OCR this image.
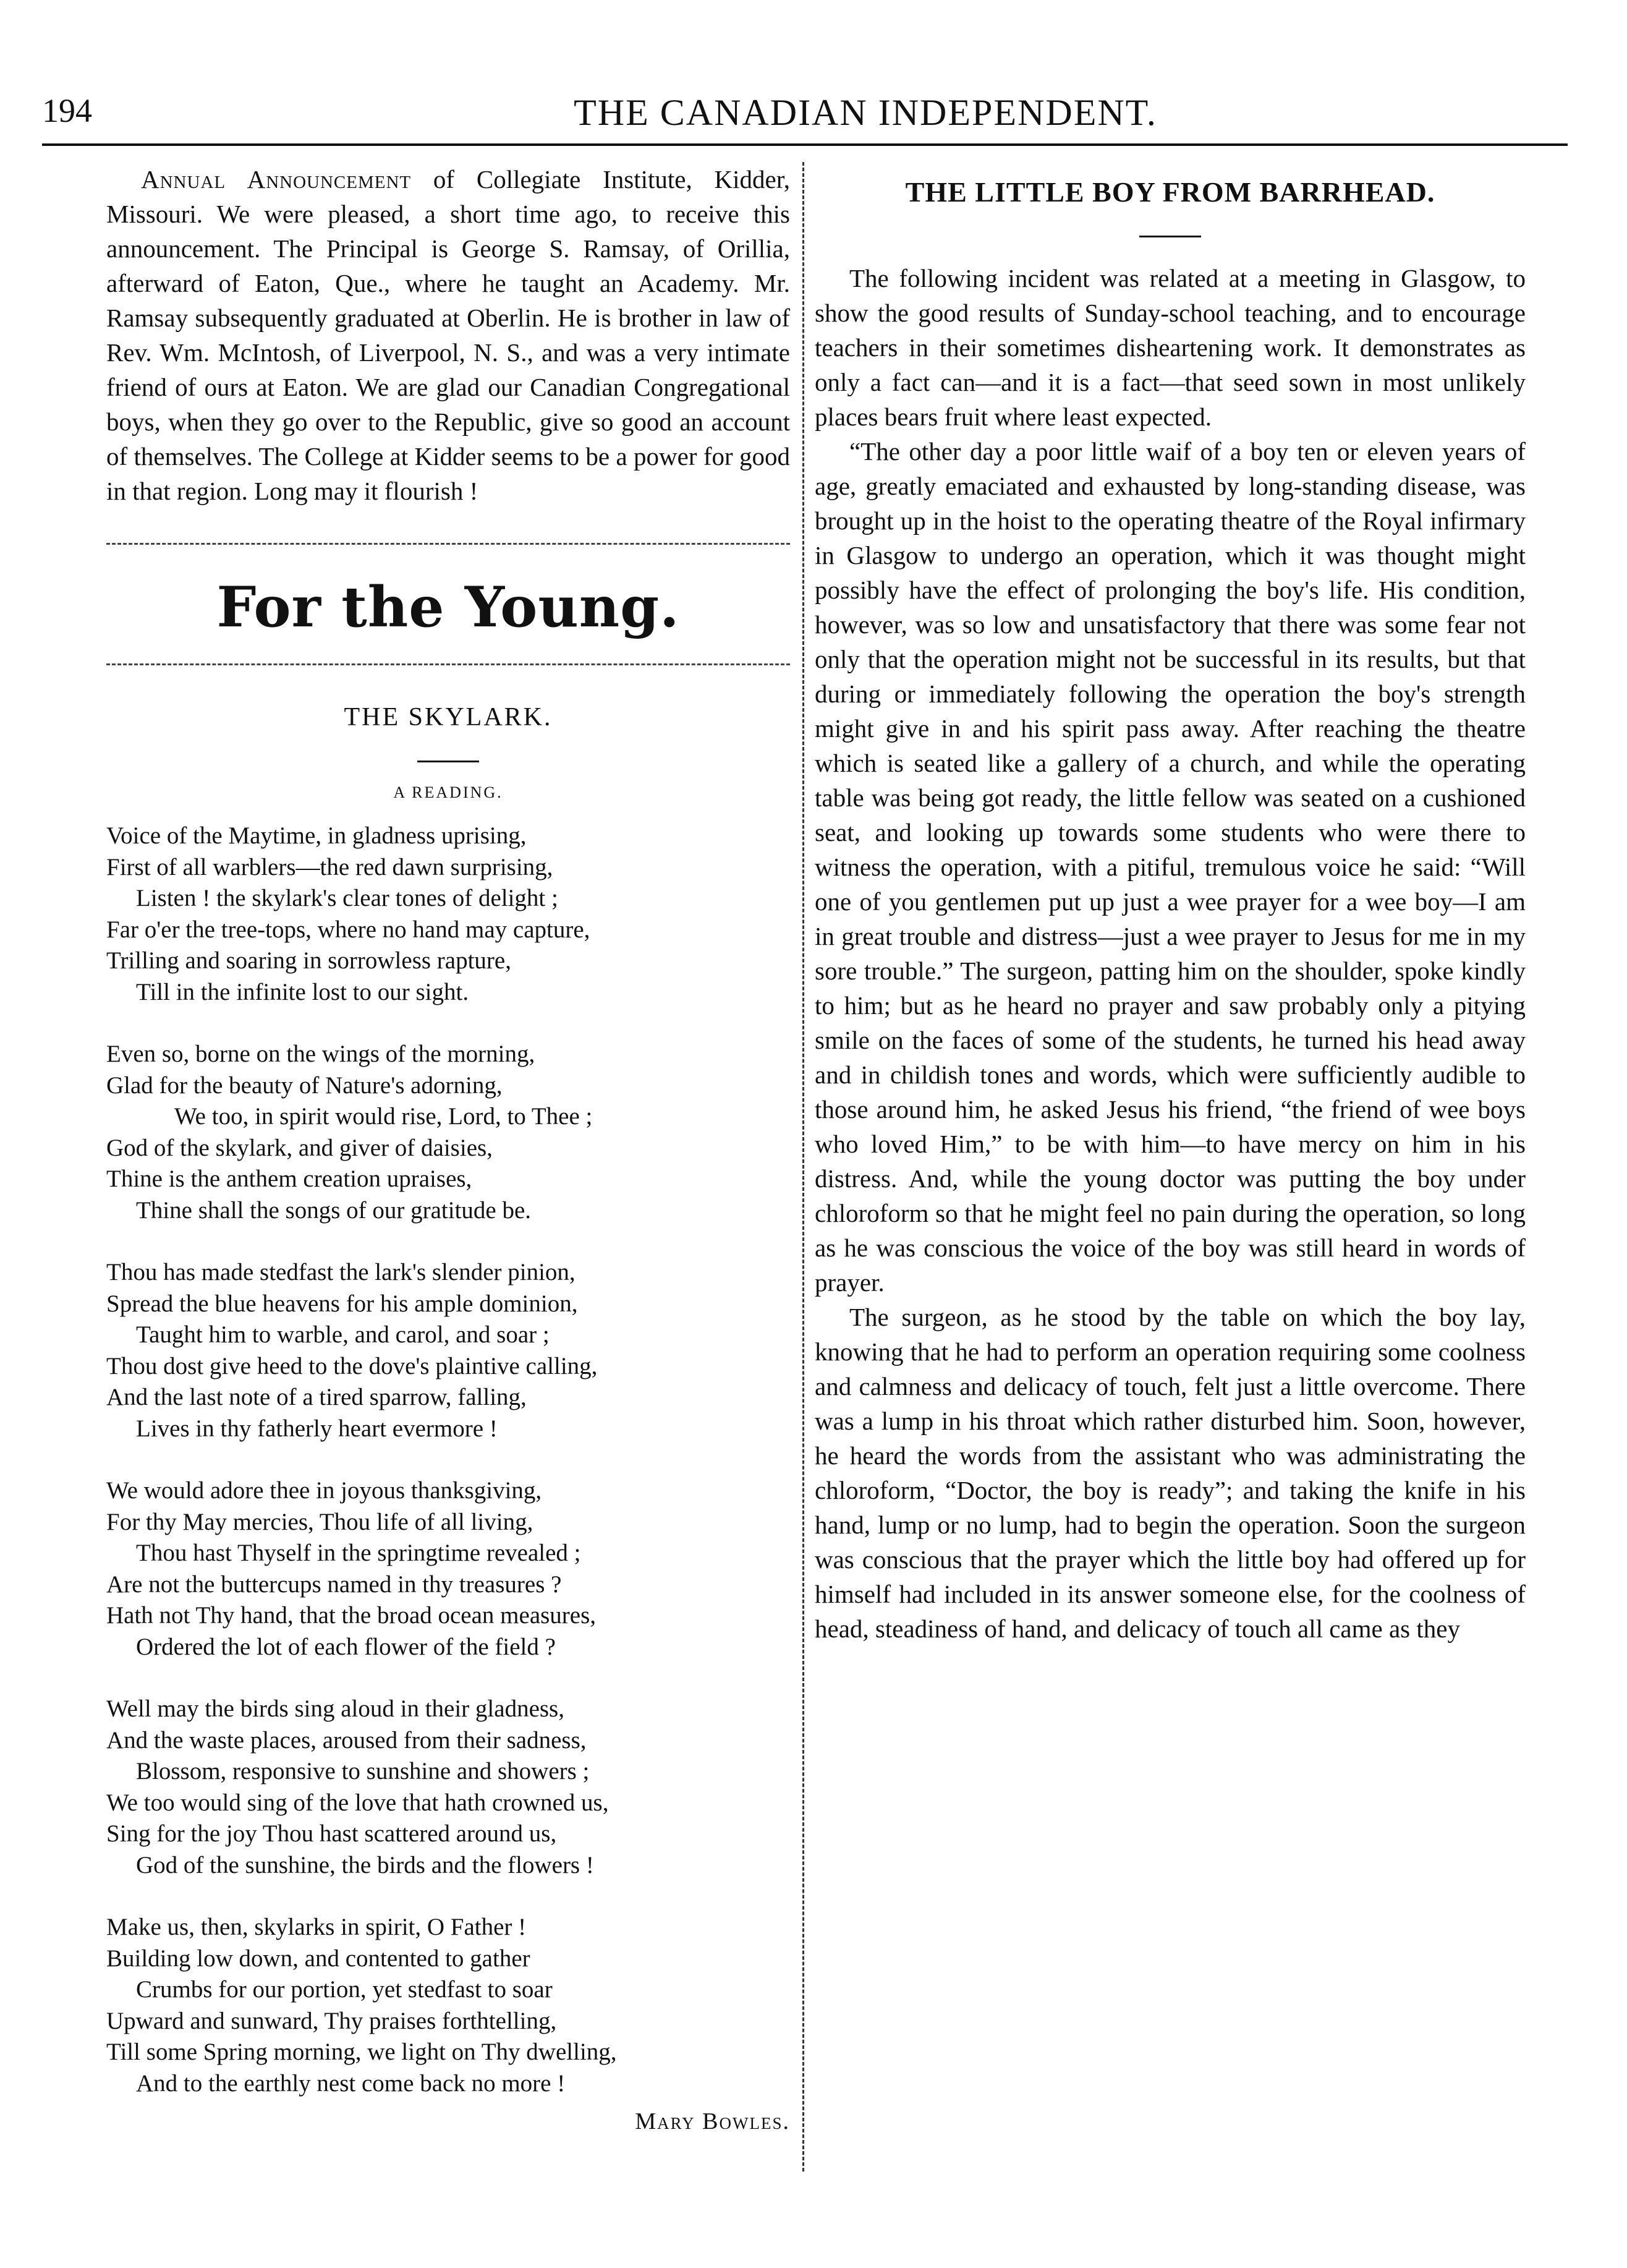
194	THE CANADIAN INDEPENDENT.
Annual Announcement of Collegiate Institute, Kidder, Missouri. We were pleased, a short time ago, to receive this announcement. The Principal is George S. Ramsay, of Orillia, afterward of Eaton, Que., where he taught an Academy. Mr. Ramsay subsequently graduated at Oberlin. He is brother in law of Rev. Wm. McIntosh, of Liverpool, N. S., and was a very intimate friend of ours at Eaton. We are glad our Canadian Congregational boys, when they go over to the Republic, give so good an account of themselves. The College at Kidder seems to be a power for good in that region. Long may it flourish !
For the Young.
THE SKYLARK.
A READING.
Voice of the Maytime, in gladness uprising,
First of all warblers—the red dawn surprising,
Listen ! the skylark's clear tones of delight ;
Far o'er the tree-tops, where no hand may capture,
Trilling and soaring in sorrowless rapture,
Till in the infinite lost to our sight.
Even so, borne on the wings of the morning,
Glad for the beauty of Nature's adorning,
We too, in spirit would rise, Lord, to Thee ;
God of the skylark, and giver of daisies,
Thine is the anthem creation upraises,
Thine shall the songs of our gratitude be.
Thou has made stedfast the lark's slender pinion,
Spread the blue heavens for his ample dominion,
Taught him to warble, and carol, and soar ;
Thou dost give heed to the dove's plaintive calling,
And the last note of a tired sparrow, falling,
Lives in thy fatherly heart evermore !
We would adore thee in joyous thanksgiving,
For thy May mercies, Thou life of all living,
Thou hast Thyself in the springtime revealed ;
Are not the buttercups named in thy treasures ?
Hath not Thy hand, that the broad ocean measures,
Ordered the lot of each flower of the field ?
Well may the birds sing aloud in their gladness,
And the waste places, aroused from their sadness,
Blossom, responsive to sunshine and showers ;
We too would sing of the love that hath crowned us,
Sing for the joy Thou hast scattered around us,
God of the sunshine, the birds and the flowers !
Make us, then, skylarks in spirit, O Father !
Building low down, and contented to gather
Crumbs for our portion, yet stedfast to soar
Upward and sunward, Thy praises forthtelling,
Till some Spring morning, we light on Thy dwelling,
And to the earthly nest come back no more !
Mary Bowles.
THE LITTLE BOY FROM BARRHEAD.

The following incident was related at a meeting in Glasgow, to show the good results of Sunday-school teaching, and to encourage teachers in their sometimes disheartening work. It demonstrates as only a fact can—and it is a fact—that seed sown in most unlikely places bears fruit where least expected.

“The other day a poor little waif of a boy ten or eleven years of age, greatly emaciated and exhausted by long-standing disease, was brought up in the hoist to the operating theatre of the Royal infirmary in Glasgow to undergo an operation, which it was thought might possibly have the effect of prolonging the boy's life. His condition, however, was so low and unsatisfactory that there was some fear not only that the operation might not be successful in its results, but that during or immediately following the operation the boy's strength might give in and his spirit pass away. After reaching the theatre which is seated like a gallery of a church, and while the operating table was being got ready, the little fellow was seated on a cushioned seat, and looking up towards some students who were there to witness the operation, with a pitiful, tremulous voice he said: “Will one of you gentlemen put up just a wee prayer for a wee boy—I am in great trouble and distress—just a wee prayer to Jesus for me in my sore trouble.” The surgeon, patting him on the shoulder, spoke kindly to him; but as he heard no prayer and saw probably only a pitying smile on the faces of some of the students, he turned his head away and in childish tones and words, which were sufficiently audible to those around him, he asked Jesus his friend, “the friend of wee boys who loved Him,” to be with him—to have mercy on him in his distress. And, while the young doctor was putting the boy under chloroform so that he might feel no pain during the operation, so long as he was conscious the voice of the boy was still heard in words of prayer.

The surgeon, as he stood by the table on which the boy lay, knowing that he had to perform an operation requiring some coolness and calmness and delicacy of touch, felt just a little overcome. There was a lump in his throat which rather disturbed him. Soon, however, he heard the words from the assistant who was administrating the chloroform, “Doctor, the boy is ready”; and taking the knife in his hand, lump or no lump, had to begin the operation. Soon the surgeon was conscious that the prayer which the little boy had offered up for himself had included in its answer someone else, for the coolness of head, steadiness of hand, and delicacy of touch all came as they
